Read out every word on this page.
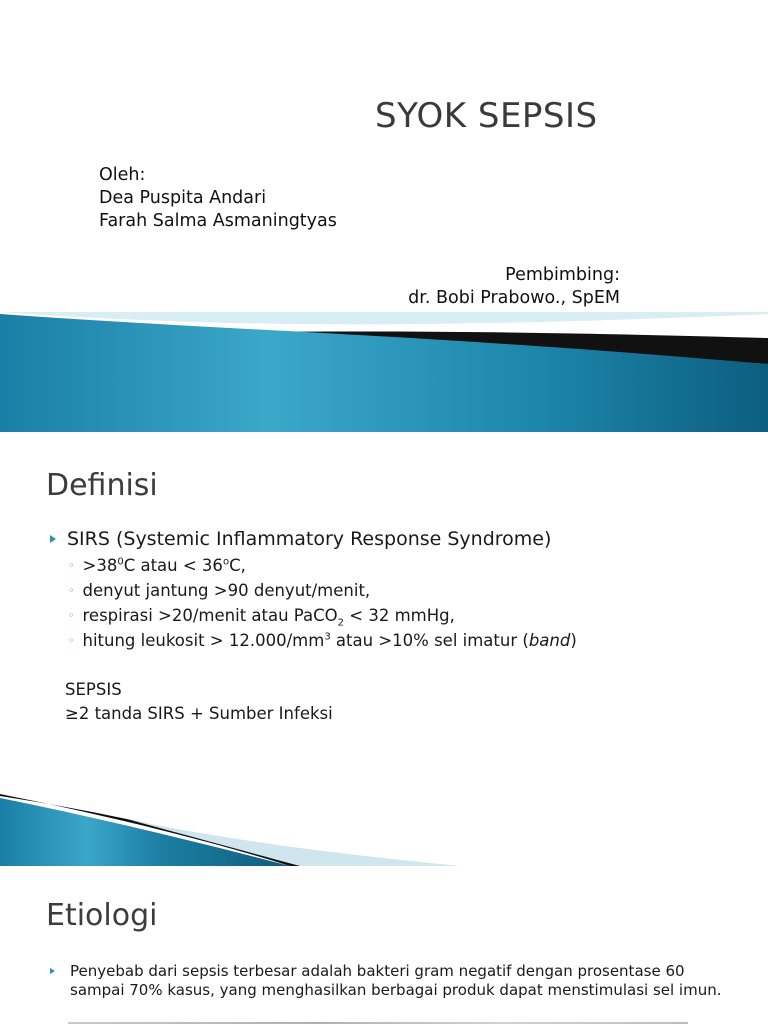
SYOK SEPSIS
Oleh:
Dea Puspita Andari
Farah Salma Asmaningtyas
Pembimbing:
dr. Bobi Prabowo., SpEM
Definisi
SIRS (Systemic Inflammatory Response Syndrome)
◦ $>38^0C$ atau < $36^oC$,
◦ denyut jantung >90 denyut/menit,
◦ respirasi >20/menit atau PaCO$_2$ < 32 mmHg,
◦ hitung leukosit > $12.000/mm^3$ atau >10% sel imatur (band)
SEPSIS
≥2 tanda SIRS + Sumber Infeksi
Etiologi
Penyebab dari sepsis terbesar adalah bakteri gram negatif dengan prosentase 60 sampai 70% kasus, yang menghasilkan berbagai produk dapat menstimulasi sel imun.
